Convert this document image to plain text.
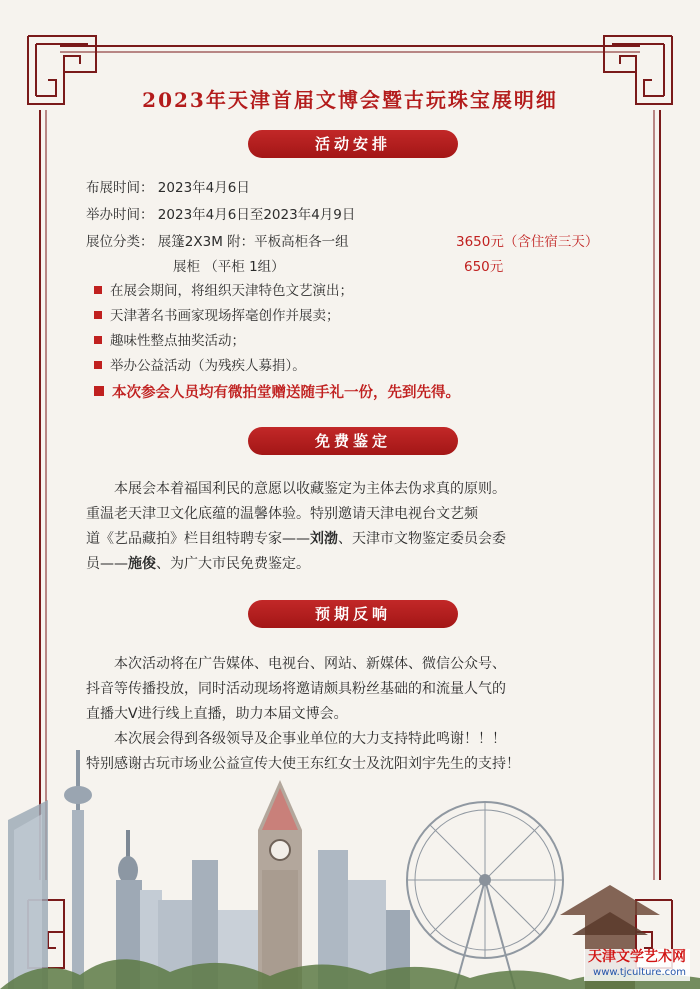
2023年天津首届文博会暨古玩珠宝展明细
活动安排
布展时间： 2023年4月6日
举办时间： 2023年4月6日至2023年4月9日
展位分类： 展篷2X3M 附：平板高柜各一组	3650元（含住宿三天）
展柜 （平柜 1组）	650元
在展会期间，将组织天津特色文艺演出；
天津著名书画家现场挥毫创作并展卖；
趣味性整点抽奖活动；
举办公益活动（为残疾人募捐）。
本次参会人员均有微拍堂赠送随手礼一份，先到先得。
免费鉴定
本展会本着福国利民的意愿以收藏鉴定为主体去伪求真的原则。
重温老天津卫文化底蕴的温馨体验。特别邀请天津电视台文艺频
道《艺品藏拍》栏目组特聘专家——刘渤、天津市文物鉴定委员会委
员——施俊、为广大市民免费鉴定。
预期反响
本次活动将在广告媒体、电视台、网站、新媒体、微信公众号、
抖音等传播投放，同时活动现场将邀请颇具粉丝基础的和流量人气的
直播大V进行线上直播，助力本届文博会。
本次展会得到各级领导及企事业单位的大力支持特此鸣谢！！！
特别感谢古玩市场业公益宣传大使王东红女士及沈阳刘宇先生的支持！
天津文学艺术网
www.tjculture.com
